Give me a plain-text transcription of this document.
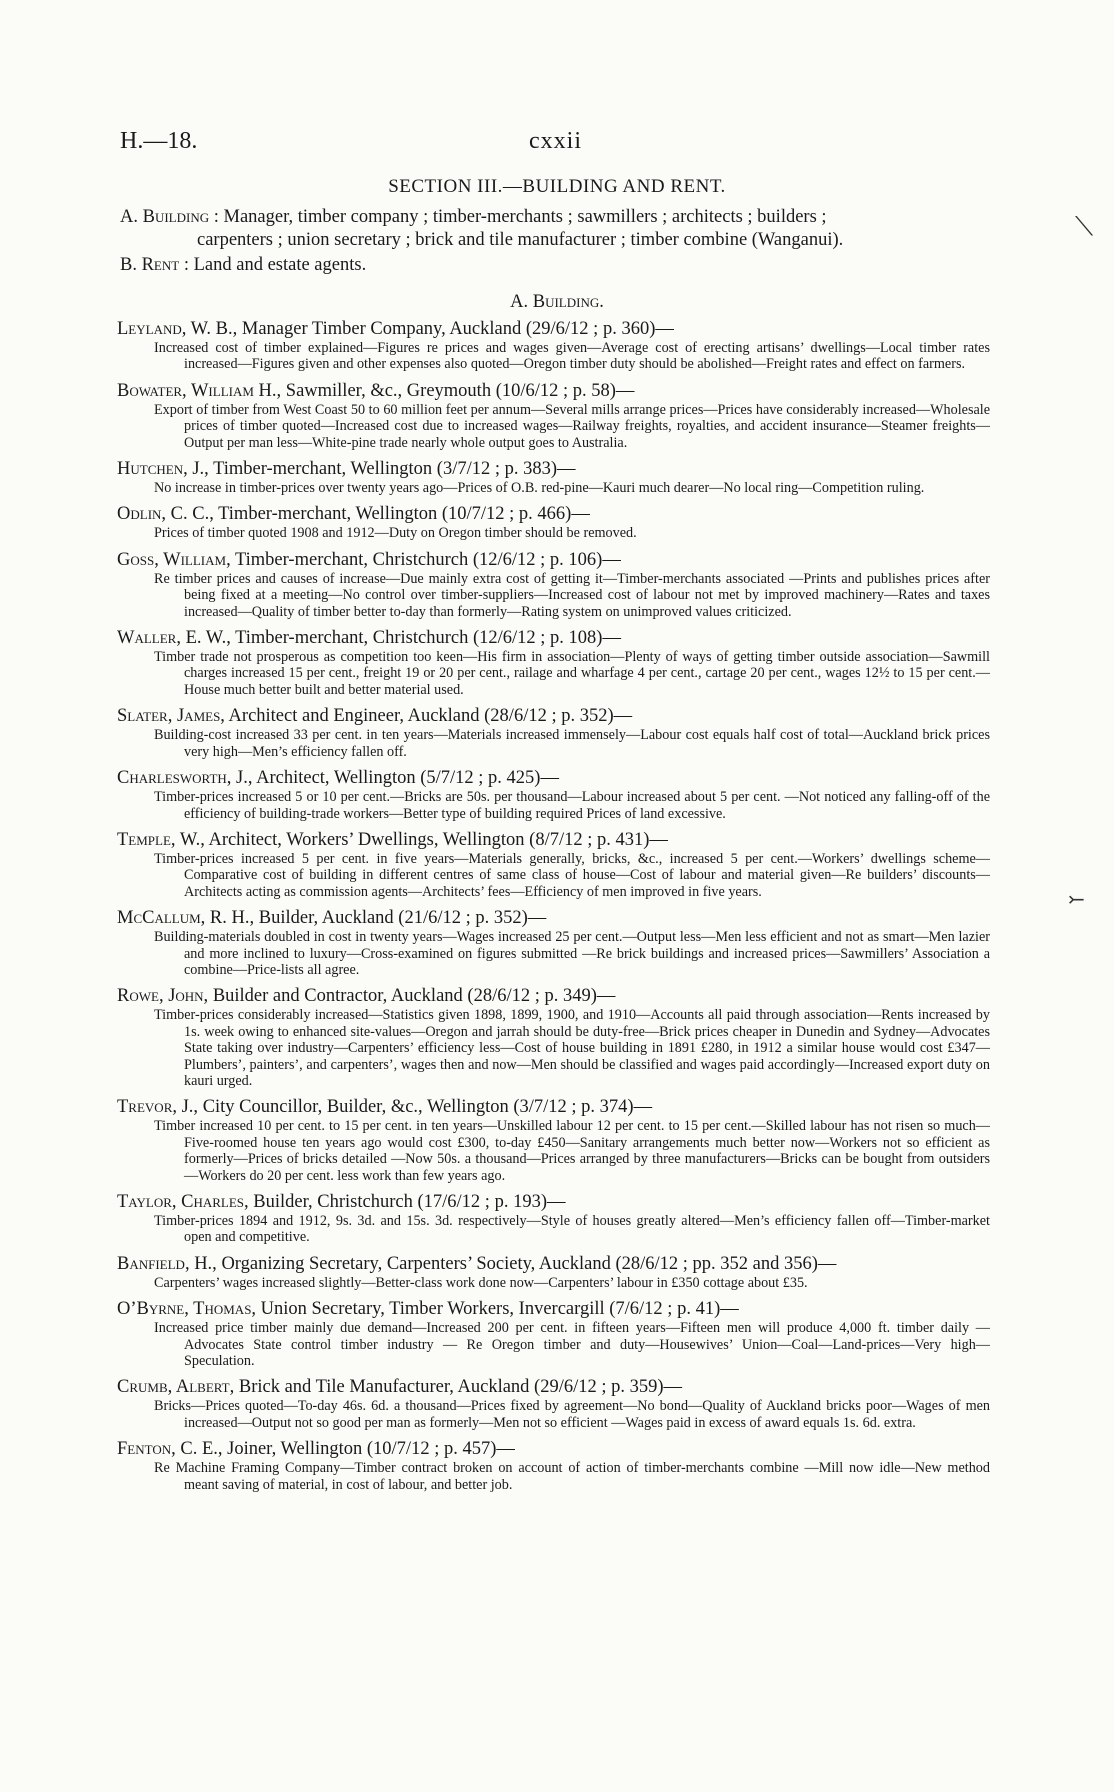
H.—18.	cxxii
SECTION III.—BUILDING AND RENT.
A. Building : Manager, timber company ; timber-merchants ; sawmillers ; architects ; builders ;
carpenters ; union secretary ; brick and tile manufacturer ; timber combine (Wanganui).
B. Rent : Land and estate agents.
A. Building.
Leyland, W. B., Manager Timber Company, Auckland (29/6/12 ; p. 360)—
Increased cost of timber explained—Figures re prices and wages given—Average cost of erecting artisans’ dwellings—Local timber rates increased—Figures given and other expenses also quoted—Oregon timber duty should be abolished—Freight rates and effect on farmers.
Bowater, William H., Sawmiller, &c., Greymouth (10/6/12 ; p. 58)—
Export of timber from West Coast 50 to 60 million feet per annum—Several mills arrange prices—Prices have considerably increased—Wholesale prices of timber quoted—Increased cost due to increased wages—Railway freights, royalties, and accident insurance—Steamer freights—Output per man less—White-pine trade nearly whole output goes to Australia.
Hutchen, J., Timber-merchant, Wellington (3/7/12 ; p. 383)—
No increase in timber-prices over twenty years ago—Prices of O.B. red-pine—Kauri much dearer—No local ring—Competition ruling.
Odlin, C. C., Timber-merchant, Wellington (10/7/12 ; p. 466)—
Prices of timber quoted 1908 and 1912—Duty on Oregon timber should be removed.
Goss, William, Timber-merchant, Christchurch (12/6/12 ; p. 106)—
Re timber prices and causes of increase—Due mainly extra cost of getting it—Timber-merchants associated —Prints and publishes prices after being fixed at a meeting—No control over timber-suppliers—Increased cost of labour not met by improved machinery—Rates and taxes increased—Quality of timber better to-day than formerly—Rating system on unimproved values criticized.
Waller, E. W., Timber-merchant, Christchurch (12/6/12 ; p. 108)—
Timber trade not prosperous as competition too keen—His firm in association—Plenty of ways of getting timber outside association—Sawmill charges increased 15 per cent., freight 19 or 20 per cent., railage and wharfage 4 per cent., cartage 20 per cent., wages 12½ to 15 per cent.—House much better built and better material used.
Slater, James, Architect and Engineer, Auckland (28/6/12 ; p. 352)—
Building-cost increased 33 per cent. in ten years—Materials increased immensely—Labour cost equals half cost of total—Auckland brick prices very high—Men’s efficiency fallen off.
Charlesworth, J., Architect, Wellington (5/7/12 ; p. 425)—
Timber-prices increased 5 or 10 per cent.—Bricks are 50s. per thousand—Labour increased about 5 per cent. —Not noticed any falling-off of the efficiency of building-trade workers—Better type of building required Prices of land excessive.
Temple, W., Architect, Workers’ Dwellings, Wellington (8/7/12 ; p. 431)—
Timber-prices increased 5 per cent. in five years—Materials generally, bricks, &c., increased 5 per cent.—Workers’ dwellings scheme—Comparative cost of building in different centres of same class of house—Cost of labour and material given—Re builders’ discounts—Architects acting as commission agents—Architects’ fees—Efficiency of men improved in five years.
McCallum, R. H., Builder, Auckland (21/6/12 ; p. 352)—
Building-materials doubled in cost in twenty years—Wages increased 25 per cent.—Output less—Men less efficient and not as smart—Men lazier and more inclined to luxury—Cross-examined on figures submitted —Re brick buildings and increased prices—Sawmillers’ Association a combine—Price-lists all agree.
Rowe, John, Builder and Contractor, Auckland (28/6/12 ; p. 349)—
Timber-prices considerably increased—Statistics given 1898, 1899, 1900, and 1910—Accounts all paid through association—Rents increased by 1s. week owing to enhanced site-values—Oregon and jarrah should be duty-free—Brick prices cheaper in Dunedin and Sydney—Advocates State taking over industry—Carpenters’ efficiency less—Cost of house building in 1891 £280, in 1912 a similar house would cost £347—Plumbers’, painters’, and carpenters’, wages then and now—Men should be classified and wages paid accordingly—Increased export duty on kauri urged.
Trevor, J., City Councillor, Builder, &c., Wellington (3/7/12 ; p. 374)—
Timber increased 10 per cent. to 15 per cent. in ten years—Unskilled labour 12 per cent. to 15 per cent.—Skilled labour has not risen so much—Five-roomed house ten years ago would cost £300, to-day £450—Sanitary arrangements much better now—Workers not so efficient as formerly—Prices of bricks detailed —Now 50s. a thousand—Prices arranged by three manufacturers—Bricks can be bought from outsiders —Workers do 20 per cent. less work than few years ago.
Taylor, Charles, Builder, Christchurch (17/6/12 ; p. 193)—
Timber-prices 1894 and 1912, 9s. 3d. and 15s. 3d. respectively—Style of houses greatly altered—Men’s efficiency fallen off—Timber-market open and competitive.
Banfield, H., Organizing Secretary, Carpenters’ Society, Auckland (28/6/12 ; pp. 352 and 356)—
Carpenters’ wages increased slightly—Better-class work done now—Carpenters’ labour in £350 cottage about £35.
O’Byrne, Thomas, Union Secretary, Timber Workers, Invercargill (7/6/12 ; p. 41)—
Increased price timber mainly due demand—Increased 200 per cent. in fifteen years—Fifteen men will produce 4,000 ft. timber daily — Advocates State control timber industry — Re Oregon timber and duty—Housewives’ Union—Coal—Land-prices—Very high—Speculation.
Crumb, Albert, Brick and Tile Manufacturer, Auckland (29/6/12 ; p. 359)—
Bricks—Prices quoted—To-day 46s. 6d. a thousand—Prices fixed by agreement—No bond—Quality of Auckland bricks poor—Wages of men increased—Output not so good per man as formerly—Men not so efficient —Wages paid in excess of award equals 1s. 6d. extra.
Fenton, C. E., Joiner, Wellington (10/7/12 ; p. 457)—
Re Machine Framing Company—Timber contract broken on account of action of timber-merchants combine —Mill now idle—New method meant saving of material, in cost of labour, and better job.
⟍
⤚
